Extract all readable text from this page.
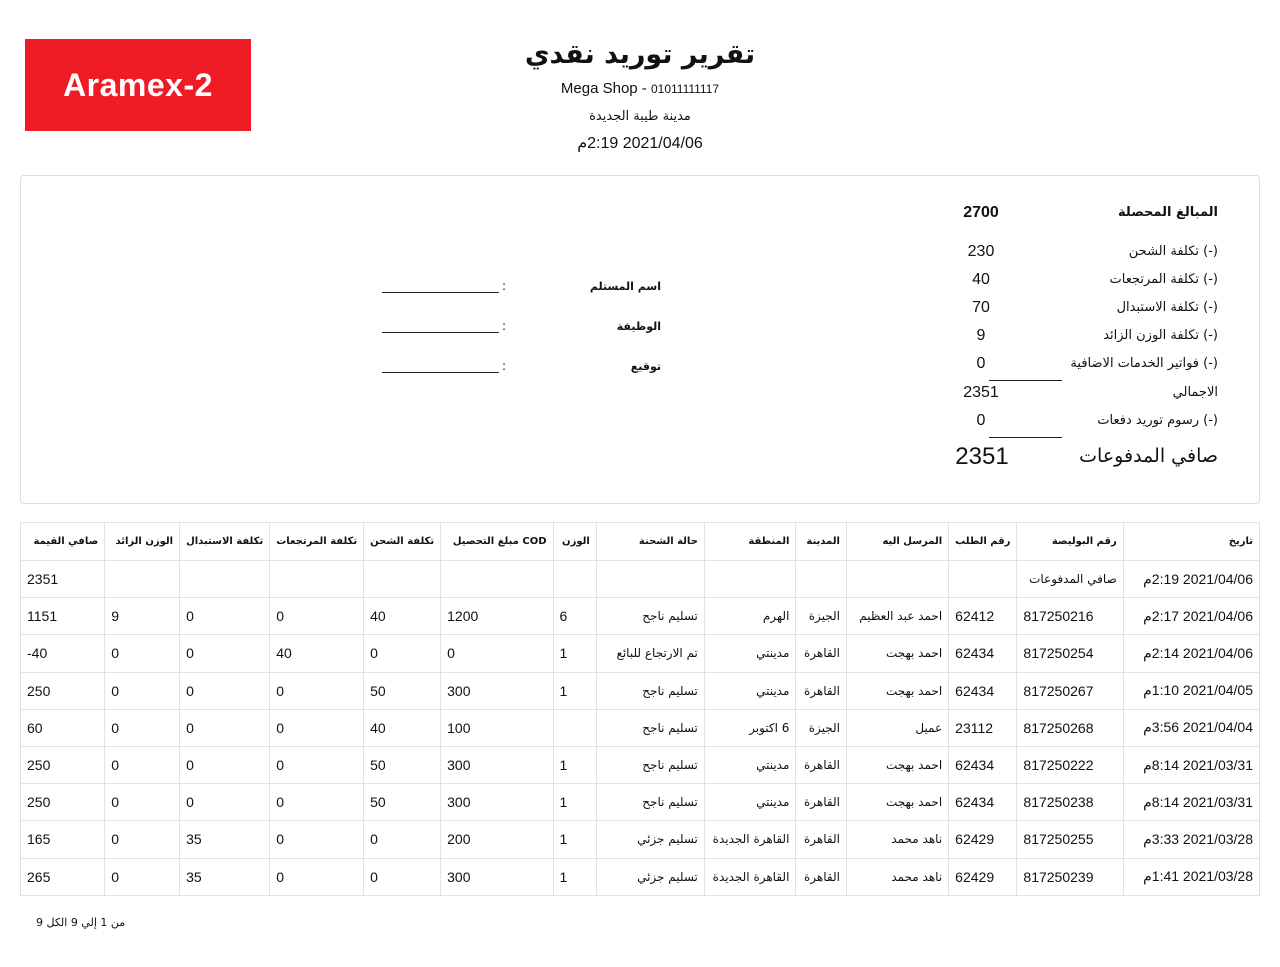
Aramex-2
تقرير توريد نقدي
Mega Shop - 01011111117
مدينة طيبة الجديدة
2021/04/06 2:19م
المبالغ المحصلة
2700
(-) تكلفة الشحن
230
(-) تكلفة المرتجعات
40
(-) تكلفة الاستبدال
70
(-) تكلفة الوزن الزائد
9
(-) فواتير الخدمات الاضافية
0
الاجمالي
2351
(-) رسوم توريد دفعات
0
صافي المدفوعات
2351
اسم المستلم
:
الوظيفة
:
توقيع
:
تاريخ	رقم البوليصة	رقم الطلب	المرسل اليه	المدينة	المنطقة	حالة الشحنة	الوزن	COD مبلغ التحصيل	تكلفة الشحن	تكلفة المرتجعات	تكلفة الاستبدال	الوزن الزائد	صافي القيمة
2021/04/06 2:19م	صافي المدفوعات												2351
2021/04/06 2:17م	817250216	62412	احمد عبد العظيم	الجيزة	الهرم	تسليم ناجح	6	1200	40	0	0	9	1151
2021/04/06 2:14م	817250254	62434	احمد بهجت	القاهرة	مدينتي	تم الارتجاع للبائع	1	0	0	40	0	0	40-
2021/04/05 1:10م	817250267	62434	احمد بهجت	القاهرة	مدينتي	تسليم ناجح	1	300	50	0	0	0	250
2021/04/04 3:56م	817250268	23112	عميل	الجيزة	6 اكتوبر	تسليم ناجح		100	40	0	0	0	60
2021/03/31 8:14م	817250222	62434	احمد بهجت	القاهرة	مدينتي	تسليم ناجح	1	300	50	0	0	0	250
2021/03/31 8:14م	817250238	62434	احمد بهجت	القاهرة	مدينتي	تسليم ناجح	1	300	50	0	0	0	250
2021/03/28 3:33م	817250255	62429	ناهد محمد	القاهرة	القاهرة الجديدة	تسليم جزئي	1	200	0	0	35	0	165
2021/03/28 1:41م	817250239	62429	ناهد محمد	القاهرة	القاهرة الجديدة	تسليم جزئي	1	300	0	0	35	0	265
من 1 إلي 9 الكل 9
